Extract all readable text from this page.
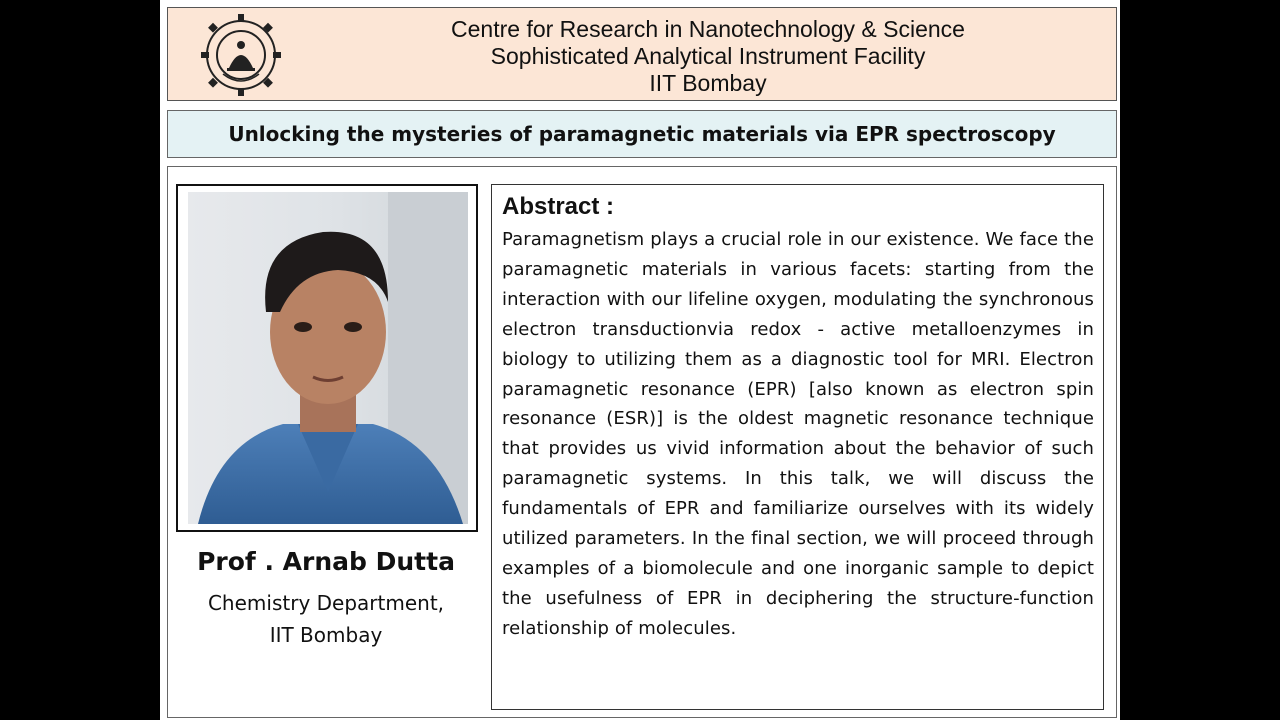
Centre for Research in Nanotechnology & Science
Sophisticated Analytical Instrument Facility
IIT Bombay
Unlocking the mysteries of paramagnetic materials via EPR spectroscopy
Prof . Arnab Dutta
Chemistry Department,
IIT Bombay
Abstract :
Paramagnetism plays a crucial role in our existence. We face the paramagnetic materials in various facets: starting from the interaction with our lifeline oxygen, modulating the synchronous electron transductionvia redox - active metalloenzymes in biology to utilizing them as a diagnostic tool for MRI. Electron paramagnetic resonance (EPR) [also known as electron spin resonance (ESR)] is the oldest magnetic resonance technique that provides us vivid information about the behavior of such paramagnetic systems. In this talk, we will discuss the fundamentals of EPR and familiarize ourselves with its widely utilized parameters. In the final section, we will proceed through examples of a biomolecule and one inorganic sample to depict the usefulness of EPR in deciphering the structure-function relationship of molecules.
